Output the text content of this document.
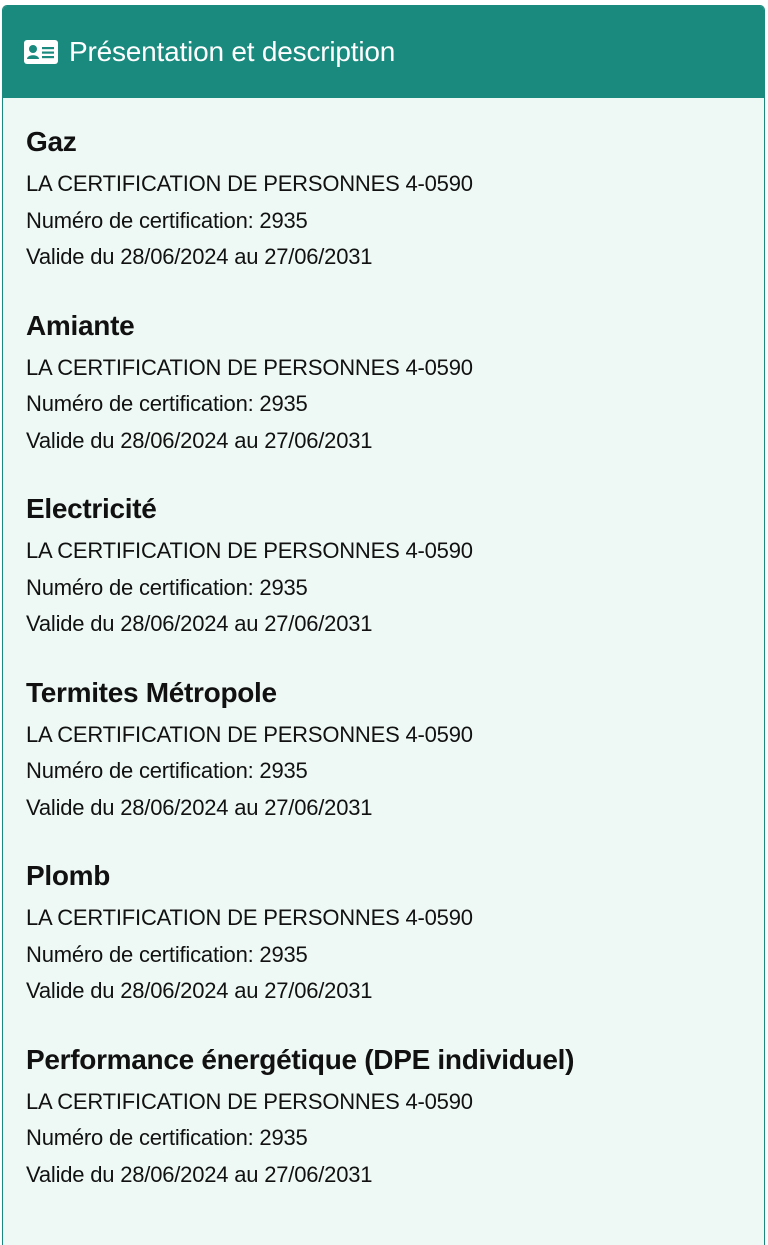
Présentation et description
Gaz
LA CERTIFICATION DE PERSONNES 4-0590
Numéro de certification: 2935
Valide du 28/06/2024 au 27/06/2031
Amiante
LA CERTIFICATION DE PERSONNES 4-0590
Numéro de certification: 2935
Valide du 28/06/2024 au 27/06/2031
Electricité
LA CERTIFICATION DE PERSONNES 4-0590
Numéro de certification: 2935
Valide du 28/06/2024 au 27/06/2031
Termites Métropole
LA CERTIFICATION DE PERSONNES 4-0590
Numéro de certification: 2935
Valide du 28/06/2024 au 27/06/2031
Plomb
LA CERTIFICATION DE PERSONNES 4-0590
Numéro de certification: 2935
Valide du 28/06/2024 au 27/06/2031
Performance énergétique (DPE individuel)
LA CERTIFICATION DE PERSONNES 4-0590
Numéro de certification: 2935
Valide du 28/06/2024 au 27/06/2031
